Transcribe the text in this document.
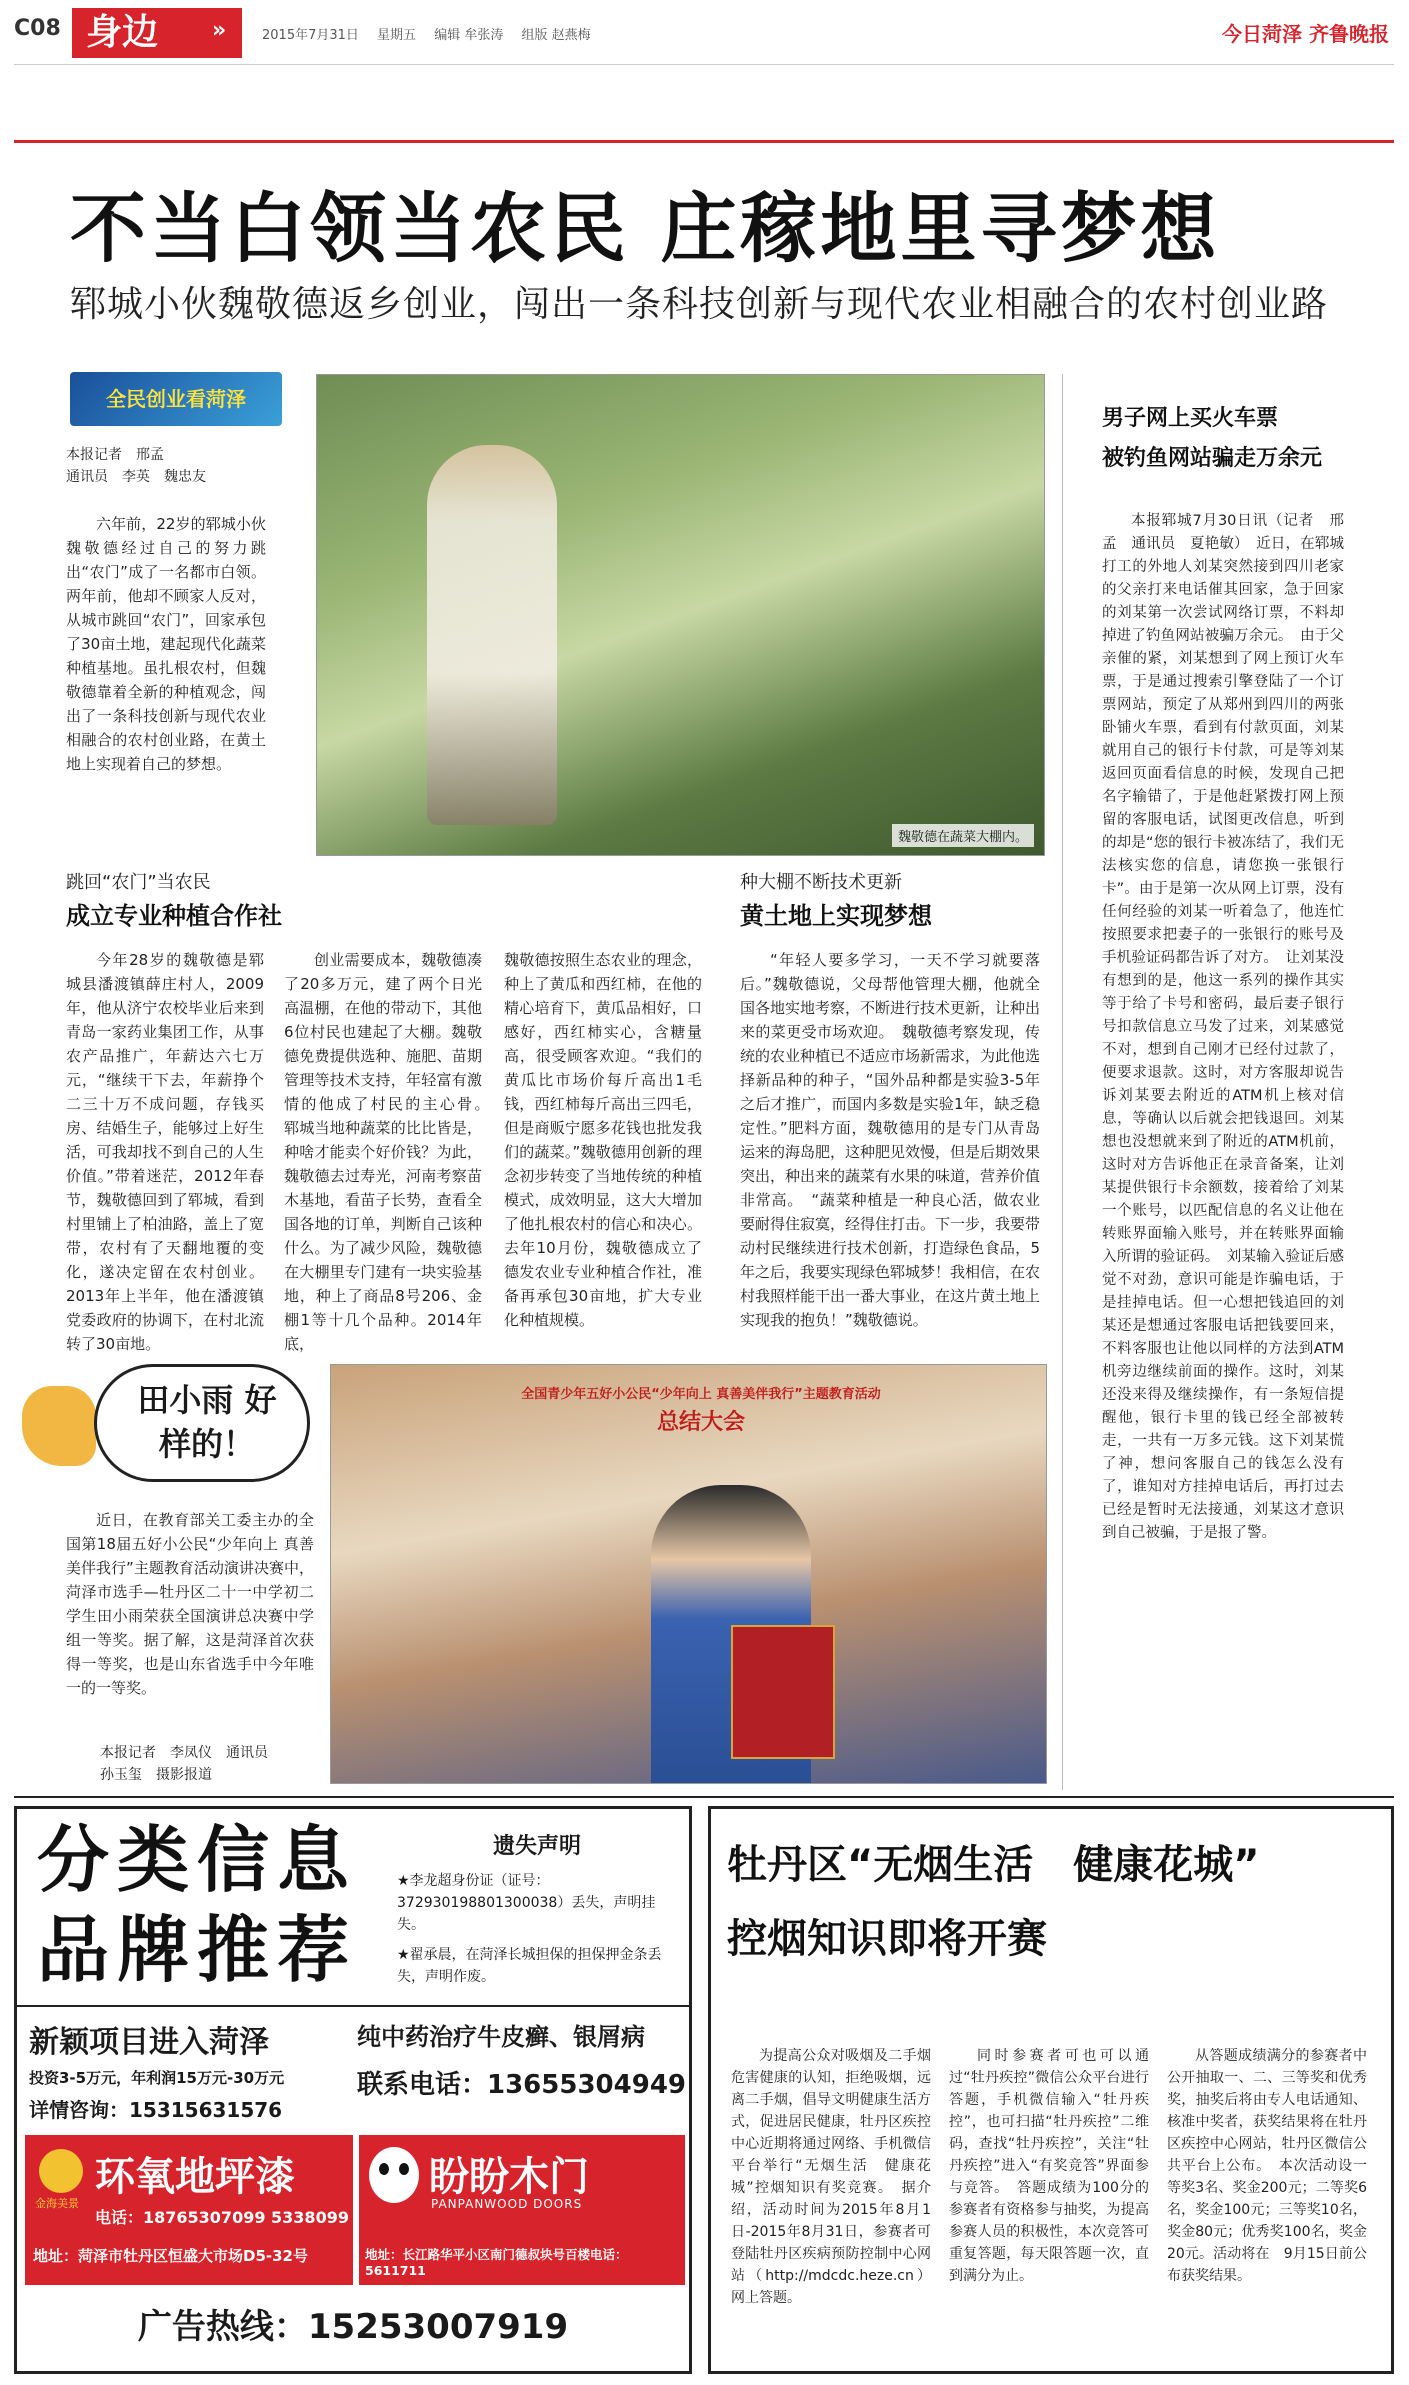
C08 身边	»	2015年7月31日 星期五 编辑 牟张涛 组版 赵燕梅	今日菏泽 齐鲁晚报
不当白领当农民 庄稼地里寻梦想
郓城小伙魏敬德返乡创业，闯出一条科技创新与现代农业相融合的农村创业路
全民创业看菏泽
本报记者　邢孟
通讯员　李英　魏忠友
六年前，22岁的郓城小伙魏敬德经过自己的努力跳出“农门”成了一名都市白领。两年前，他却不顾家人反对，从城市跳回“农门”，回家承包了30亩土地，建起现代化蔬菜种植基地。虽扎根农村，但魏敬德靠着全新的种植观念，闯出了一条科技创新与现代农业相融合的农村创业路，在黄土地上实现着自己的梦想。
魏敬德在蔬菜大棚内。
跳回“农门”当农民
成立专业种植合作社
今年28岁的魏敬德是郓城县潘渡镇薛庄村人，2009年，他从济宁农校毕业后来到青岛一家药业集团工作，从事农产品推广，年薪达六七万元，“继续干下去，年薪挣个二三十万不成问题，存钱买房、结婚生子，能够过上好生活，可我却找不到自己的人生价值。”带着迷茫，2012年春节，魏敬德回到了郓城，看到村里铺上了柏油路，盖上了宽带，农村有了天翻地覆的变化，遂决定留在农村创业。2013年上半年，他在潘渡镇党委政府的协调下，在村北流转了30亩地。
创业需要成本，魏敬德凑了20多万元，建了两个日光高温棚，在他的带动下，其他6位村民也建起了大棚。魏敬德免费提供选种、施肥、苗期管理等技术支持，年轻富有激情的他成了村民的主心骨。　郓城当地种蔬菜的比比皆是，种啥才能卖个好价钱？为此，魏敬德去过寿光，河南考察苗木基地，看苗子长势，查看全国各地的订单，判断自己该种什么。为了减少风险，魏敬德在大棚里专门建有一块实验基地，种上了商品8号206、金棚1等十几个品种。2014年底，
魏敬德按照生态农业的理念，种上了黄瓜和西红柿，在他的精心培育下，黄瓜品相好，口感好，西红柿实心，含糖量高，很受顾客欢迎。“我们的黄瓜比市场价每斤高出1毛钱，西红柿每斤高出三四毛，但是商贩宁愿多花钱也批发我们的蔬菜。”魏敬德用创新的理念初步转变了当地传统的种植模式，成效明显，这大大增加了他扎根农村的信心和决心。去年10月份，魏敬德成立了德发农业专业种植合作社，准备再承包30亩地，扩大专业化种植规模。
种大棚不断技术更新
黄土地上实现梦想
“年轻人要多学习，一天不学习就要落后。”魏敬德说，父母帮他管理大棚，他就全国各地实地考察，不断进行技术更新，让种出来的菜更受市场欢迎。　魏敬德考察发现，传统的农业种植已不适应市场新需求，为此他选择新品种的种子，“国外品种都是实验3-5年之后才推广，而国内多数是实验1年，缺乏稳定性。”肥料方面，魏敬德用的是专门从青岛运来的海岛肥，这种肥见效慢，但是后期效果突出，种出来的蔬菜有水果的味道，营养价值非常高。　“蔬菜种植是一种良心活，做农业要耐得住寂寞，经得住打击。下一步，我要带动村民继续进行技术创新，打造绿色食品，5年之后，我要实现绿色郓城梦！我相信，在农村我照样能干出一番大事业，在这片黄土地上实现我的抱负！”魏敬德说。
田小雨 好样的！
近日，在教育部关工委主办的全国第18届五好小公民“少年向上 真善美伴我行”主题教育活动演讲决赛中，菏泽市选手—牡丹区二十一中学初二学生田小雨荣获全国演讲总决赛中学组一等奖。据了解，这是菏泽首次获得一等奖，也是山东省选手中今年唯一的一等奖。
本报记者　李凤仪　通讯员
孙玉玺　摄影报道
全国青少年五好小公民“少年向上 真善美伴我行”主题教育活动
总结大会
男子网上买火车票
被钓鱼网站骗走万余元
本报郓城7月30日讯（记者　邢孟　通讯员　夏艳敏）　近日，在郓城打工的外地人刘某突然接到四川老家的父亲打来电话催其回家，急于回家的刘某第一次尝试网络订票，不料却掉进了钓鱼网站被骗万余元。　由于父亲催的紧，刘某想到了网上预订火车票，于是通过搜索引擎登陆了一个订票网站，预定了从郑州到四川的两张卧铺火车票，看到有付款页面，刘某就用自己的银行卡付款，可是等刘某返回页面看信息的时候，发现自己把名字输错了，于是他赶紧拨打网上预留的客服电话，试图更改信息，听到的却是“您的银行卡被冻结了，我们无法核实您的信息，请您换一张银行卡”。由于是第一次从网上订票，没有任何经验的刘某一听着急了，他连忙按照要求把妻子的一张银行的账号及手机验证码都告诉了对方。　让刘某没有想到的是，他这一系列的操作其实等于给了卡号和密码，最后妻子银行号扣款信息立马发了过来，刘某感觉不对，想到自己刚才已经付过款了，便要求退款。这时，对方客服却说告诉刘某要去附近的ATM机上核对信息，等确认以后就会把钱退回。刘某想也没想就来到了附近的ATM机前，这时对方告诉他正在录音备案，让刘某提供银行卡余额数，接着给了刘某一个账号，以匹配信息的名义让他在转账界面输入账号，并在转账界面输入所谓的验证码。　刘某输入验证后感觉不对劲，意识可能是诈骗电话，于是挂掉电话。但一心想把钱追回的刘某还是想通过客服电话把钱要回来，不料客服也让他以同样的方法到ATM机旁边继续前面的操作。这时，刘某还没来得及继续操作，有一条短信提醒他，银行卡里的钱已经全部被转走，一共有一万多元钱。这下刘某慌了神，想问客服自己的钱怎么没有了，谁知对方挂掉电话后，再打过去已经是暂时无法接通，刘某这才意识到自己被骗，于是报了警。
分类信息
品牌推荐
遗失声明
★李龙超身份证（证号：372930198801300038）丢失，声明挂失。
★翟承晨，在菏泽长城担保的担保押金条丢失，声明作废。
新颖项目进入菏泽
投资3-5万元，年利润15万元-30万元
详情咨询：15315631576
纯中药治疗牛皮癣、银屑病
联系电话：13655304949
金海美景
环氧地坪漆
电话：18765307099 5338099
地址：菏泽市牡丹区恒盛大市场D5-32号
盼盼木门
PANPANWOOD DOORS
地址：长江路华平小区南门德叔块号百楼电话：5611711
广告热线：15253007919
牡丹区“无烟生活　健康花城”
控烟知识即将开赛
为提高公众对吸烟及二手烟危害健康的认知，拒绝吸烟，远离二手烟，倡导文明健康生活方式，促进居民健康，牡丹区疾控中心近期将通过网络、手机微信平台举行“无烟生活　健康花城”控烟知识有奖竞赛。　据介绍，活动时间为2015年8月1日-2015年8月31日，参赛者可登陆牡丹区疾病预防控制中心网站（http://mdcdc.heze.cn）网上答题。
同时参赛者可也可以通过“牡丹疾控”微信公众平台进行答题，手机微信输入“牡丹疾控”，也可扫描“牡丹疾控”二维码，查找“牡丹疾控”，关注“牡丹疾控”进入“有奖竞答”界面参与竞答。　答题成绩为100分的参赛者有资格参与抽奖，为提高参赛人员的积极性，本次竞答可重复答题，每天限答题一次，直到满分为止。
从答题成绩满分的参赛者中公开抽取一、二、三等奖和优秀奖，抽奖后将由专人电话通知、核准中奖者，获奖结果将在牡丹区疾控中心网站，牡丹区微信公共平台上公布。　本次活动设一等奖3名、奖金200元；二等奖6名，奖金100元；三等奖10名，奖金80元；优秀奖100名，奖金20元。活动将在　9月15日前公布获奖结果。
